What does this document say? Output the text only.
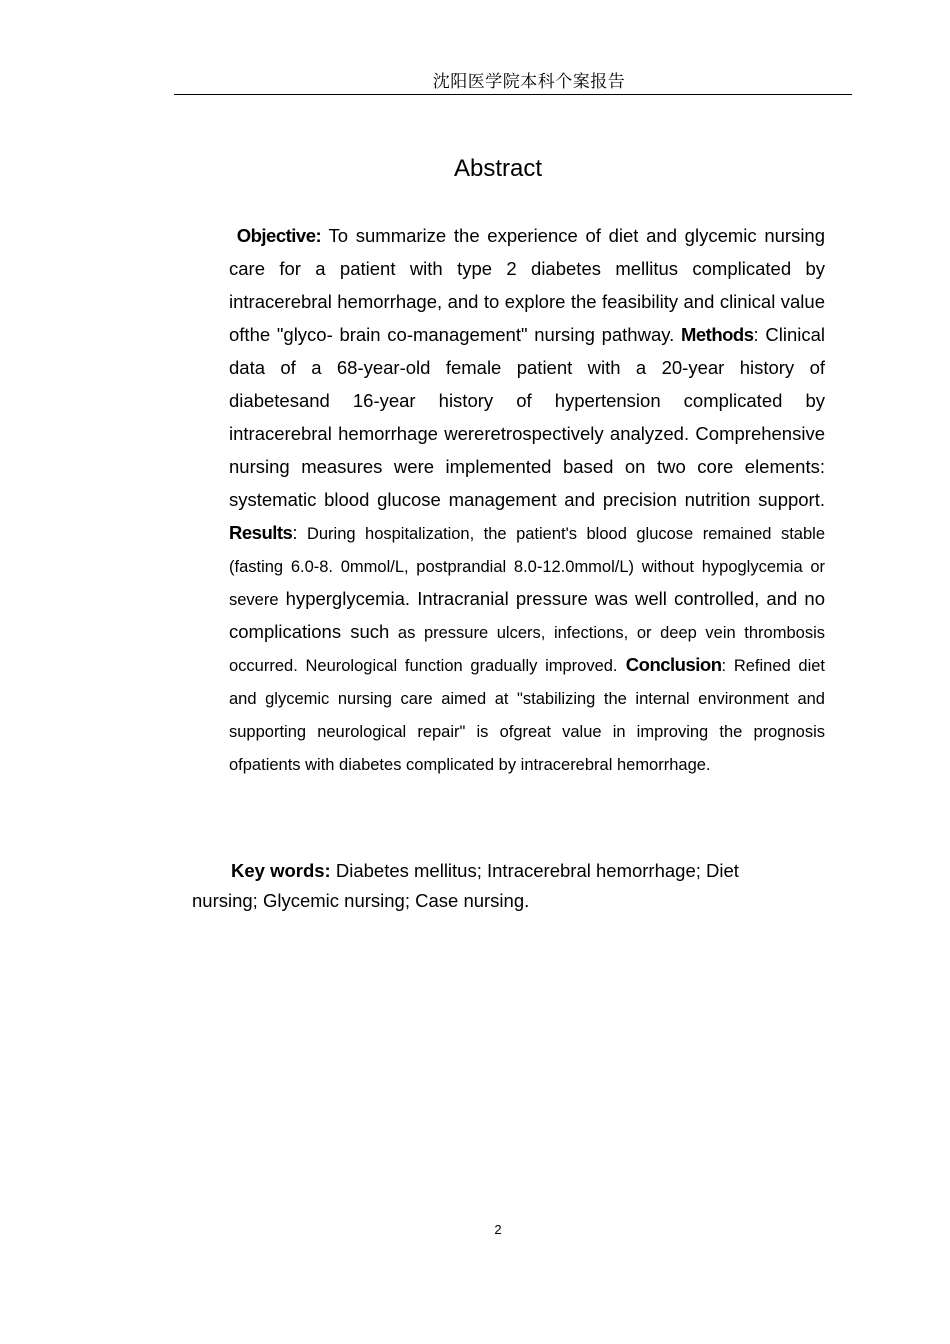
沈阳医学院本科个案报告
Abstract
Objective: To summarize the experience of diet and glycemic nursing care for a patient with type 2 diabetes mellitus complicated by intracerebral hemorrhage, and to explore the feasibility and clinical value ofthe "glyco- brain co-management" nursing pathway. Methods: Clinical data of a 68-year-old female patient with a 20-year history of diabetesand 16-year history of hypertension complicated by intracerebral hemorrhage wereretrospectively analyzed. Comprehensive nursing measures were implemented based on two core elements: systematic blood glucose management and precision nutrition support. Results: During hospitalization, the patient's blood glucose remained stable (fasting 6.0-8. 0mmol/L, postprandial 8.0-12.0mmol/L) without hypoglycemia or severe hyperglycemia. Intracranial pressure was well controlled, and no complications such as pressure ulcers, infections, or deep vein thrombosis occurred. Neurological function gradually improved. Conclusion: Refined diet and glycemic nursing care aimed at "stabilizing the internal environment and supporting neurological repair" is ofgreat value in improving the prognosis ofpatients with diabetes complicated by intracerebral hemorrhage.
Key words: Diabetes mellitus; Intracerebral hemorrhage; Diet nursing; Glycemic nursing; Case nursing.
2
